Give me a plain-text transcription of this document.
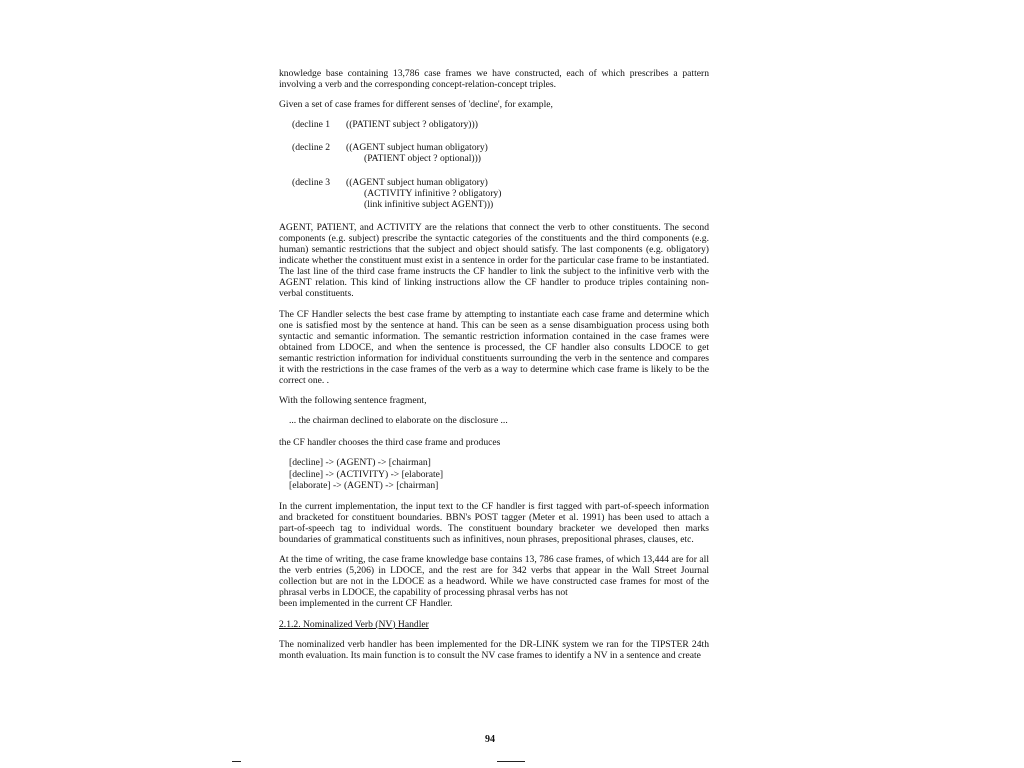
knowledge base containing 13,786 case frames we have constructed, each of which prescribes a pattern involving a verb and the corresponding concept-relation-concept triples.

Given a set of case frames for different senses of 'decline', for example,

(decline 1	((PATIENT subject ? obligatory)))
(decline 2	((AGENT subject human obligatory)
(PATIENT object ? optional)))
(decline 3	((AGENT subject human obligatory)
(ACTIVITY infinitive ? obligatory)
(link infinitive subject AGENT)))

AGENT, PATIENT, and ACTIVITY are the relations that connect the verb to other constituents. The second components (e.g. subject) prescribe the syntactic categories of the constituents and the third components (e.g. human) semantic restrictions that the subject and object should satisfy. The last components (e.g. obligatory) indicate whether the constituent must exist in a sentence in order for the particular case frame to be instantiated. The last line of the third case frame instructs the CF handler to link the subject to the infinitive verb with the AGENT relation. This kind of linking instructions allow the CF handler to produce triples containing non-verbal constituents.

The CF Handler selects the best case frame by attempting to instantiate each case frame and determine which one is satisfied most by the sentence at hand. This can be seen as a sense disambiguation process using both syntactic and semantic information. The semantic restriction information contained in the case frames were obtained from LDOCE, and when the sentence is processed, the CF handler also consults LDOCE to get semantic restriction information for individual constituents surrounding the verb in the sentence and compares it with the restrictions in the case frames of the verb as a way to determine which case frame is likely to be the correct one. .

With the following sentence fragment,

... the chairman declined to elaborate on the disclosure ...

the CF handler chooses the third case frame and produces

[decline] -> (AGENT) -> [chairman]
[decline] -> (ACTIVITY) -> [elaborate]
[elaborate] -> (AGENT) -> [chairman]

In the current implementation, the input text to the CF handler is first tagged with part-of-speech information and bracketed for constituent boundaries. BBN's POST tagger (Meter et al. 1991) has been used to attach a part-of-speech tag to individual words. The constituent boundary bracketer we developed then marks boundaries of grammatical constituents such as infinitives, noun phrases, prepositional phrases, clauses, etc.

At the time of writing, the case frame knowledge base contains 13, 786 case frames, of which 13,444 are for all the verb entries (5,206) in LDOCE, and the rest are for 342 verbs that appear in the Wall Street Journal collection but are not in the LDOCE as a headword. While we have constructed case frames for most of the phrasal verbs in LDOCE, the capability of processing phrasal verbs has not

been implemented in the current CF Handler.

2.1.2. Nominalized Verb (NV) Handler

The nominalized verb handler has been implemented for the DR-LINK system we ran for the TIPSTER 24th month evaluation. Its main function is to consult the NV case frames to identify a NV in a sentence and create

94
